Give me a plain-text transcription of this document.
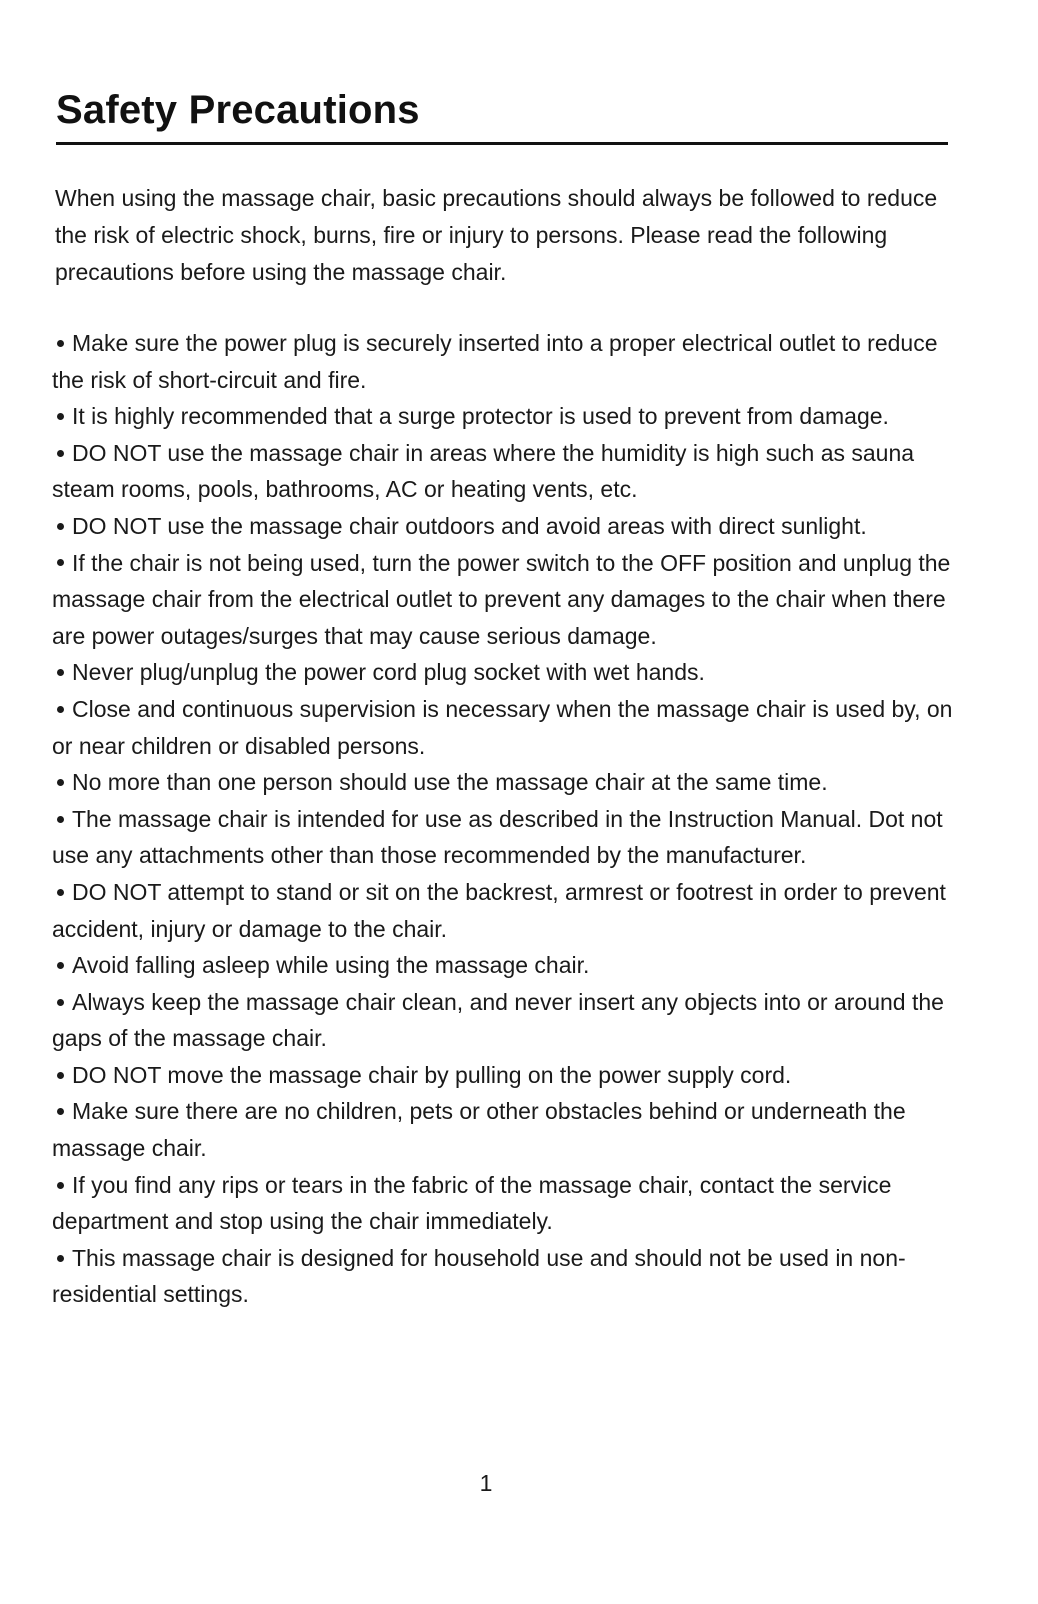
Safety Precautions

When using the massage chair, basic precautions should always be followed to reduce the risk of electric shock, burns, fire or injury to persons. Please read the following precautions before using the massage chair.

Make sure the power plug is securely inserted into a proper electrical outlet to reduce the risk of short-circuit and fire.
It is highly recommended that a surge protector is used to prevent from damage.
DO NOT use the massage chair in areas where the humidity is high such as sauna steam rooms, pools, bathrooms, AC or heating vents, etc.
DO NOT use the massage chair outdoors and avoid areas with direct sunlight.
If the chair is not being used, turn the power switch to the OFF position and unplug the massage chair from the electrical outlet to prevent any damages to the chair when there are power outages/surges that may cause serious damage.
Never plug/unplug the power cord plug socket with wet hands.
Close and continuous supervision is necessary when the massage chair is used by, on or near children or disabled persons.
No more than one person should use the massage chair at the same time.
The massage chair is intended for use as described in the Instruction Manual. Dot not use any attachments other than those recommended by the manufacturer.
DO NOT attempt to stand or sit on the backrest, armrest or footrest in order to prevent accident, injury or damage to the chair.
Avoid falling asleep while using the massage chair.
Always keep the massage chair clean, and never insert any objects into or around the gaps of the massage chair.
DO NOT move the massage chair by pulling on the power supply cord.
Make sure there are no children, pets or other obstacles behind or underneath the massage chair.
If you find any rips or tears in the fabric of the massage chair, contact the service department and stop using the chair immediately.
This massage chair is designed for household use and should not be used in non-residential settings.
1
